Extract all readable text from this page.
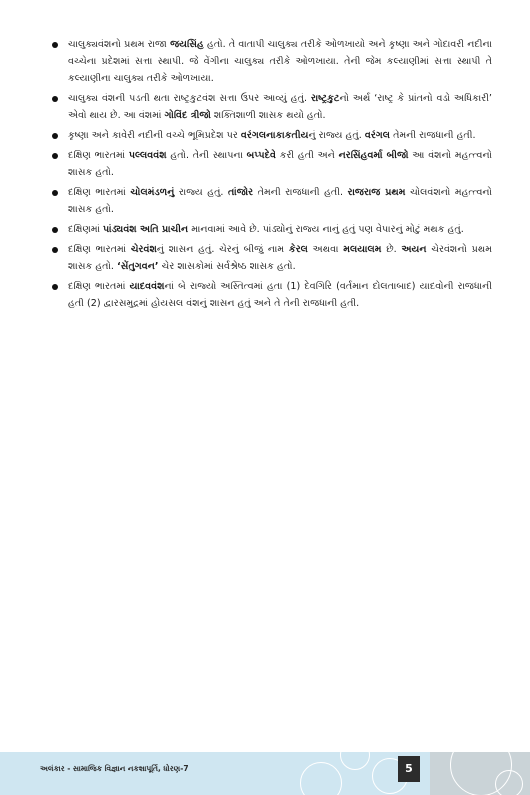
ચાલુક્યવંશનો પ્રથમ રાજા જયસિંહ હતો. તે વાતાપી ચાલુક્ય તરીકે ઓળખાયો અને કૃષ્ણા અને ગોદાવરી નદીના વચ્ચેના પ્રદેશમાં સત્તા સ્થાપી. જે વેંગીના ચાલુક્ય તરીકે ઓળખાયા. તેની જેમ કલ્યાણીમાં સત્તા સ્થાપી તે કલ્યાણીના ચાલુક્ય તરીકે ઓળખાયા.
ચાલુક્ય વંશની પડતી થતા રાષ્ટ્રકુટવંશ સત્તા ઉપર આવ્યું હતું. રાષ્ટ્રકુટનો અર્થ ‘રાષ્ટ્ર કે પ્રાંતનો વડો અધિકારી’ એવો થાય છે. આ વંશમાં ગોવિંદ ત્રીજો શક્તિશાળી શાસક થયો હતો.
કૃષ્ણા અને કાવેરી નદીની વચ્ચે ભૂમિપ્રદેશ પર વરંગલનાકાકતીયનું રાજ્ય હતું. વરંગલ તેમની રાજધાની હતી.
દક્ષિણ ભારતમાં પલ્લવવંશ હતો. તેની સ્થાપના બપ્પદેવે કરી હતી અને નરસિંહવર્મા બીજો આ વંશનો મહત્ત્વનો શાસક હતો.
દક્ષિણ ભારતમાં ચોલમંડળનું રાજ્ય હતું. તાંજોર તેમની રાજધાની હતી. રાજરાજ પ્રથમ ચોલવંશનો મહત્ત્વનો શાસક હતો.
દક્ષિણમાં પાંડ્યવંશ અતિ પ્રાચીન માનવામાં આવે છે. પાંડ્યોનું રાજ્ય નાનું હતું પણ વેપારનું મોટું મથક હતું.
દક્ષિણ ભારતમાં ચેરવંશનું શાસન હતું. ચેરનું બીજું નામ કેરલ અથવા મલયાલમ છે. અયન ચેરવંશનો પ્રથમ શાસક હતો. ‘સેંતુગવન’ ચેર શાસકોમાં સર્વશ્રેષ્ઠ શાસક હતો.
દક્ષિણ ભારતમાં યાદવવંશનાં બે રાજ્યો અસ્તિત્વમાં હતા (1) દેવગિરિ (વર્તમાન દોલતાબાદ) યાદવોની રાજધાની હતી (2) દ્વારસમુદ્રમાં હોયસલ વંશનું શાસન હતું અને તે તેની રાજધાની હતી.
અલંકાર - સામાજિક વિજ્ઞાન નકશાપૂર્તિ, ધોરણ-7	5
